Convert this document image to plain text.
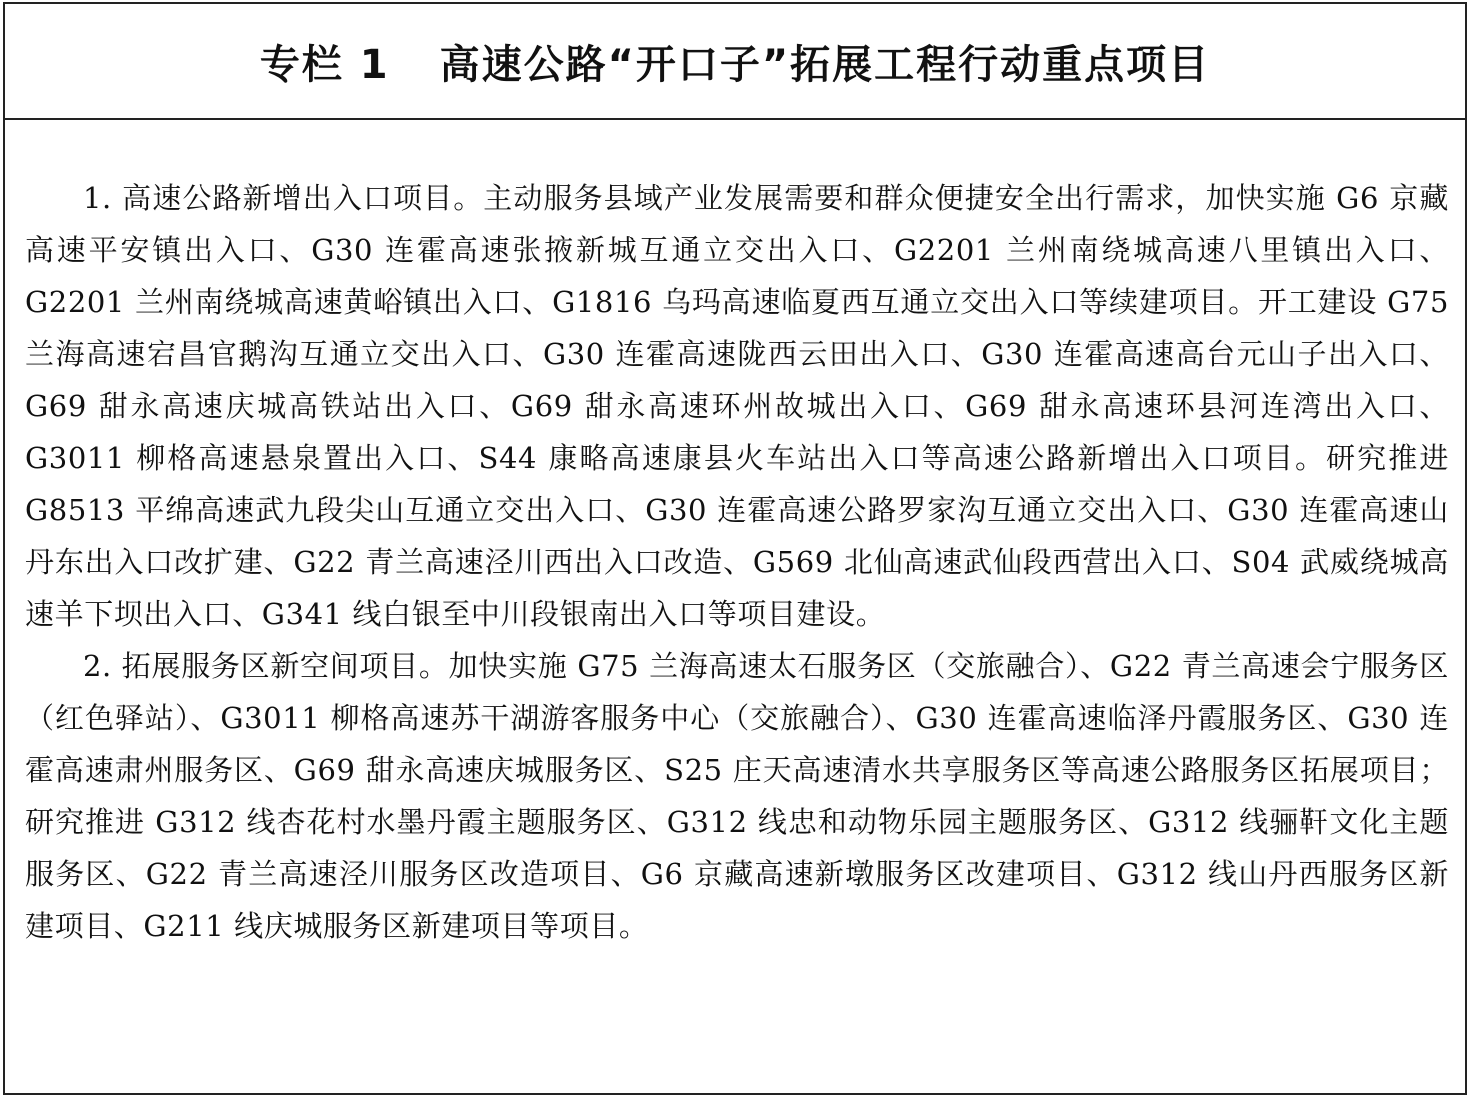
专栏 1 高速公路“开口子”拓展工程行动重点项目

1. 高速公路新增出入口项目。主动服务县域产业发展需要和群众便捷安全出行需求，加快实施 G6 京藏高速平安镇出入口、G30 连霍高速张掖新城互通立交出入口、G2201 兰州南绕城高速八里镇出入口、G2201 兰州南绕城高速黄峪镇出入口、G1816 乌玛高速临夏西互通立交出入口等续建项目。开工建设 G75 兰海高速宕昌官鹅沟互通立交出入口、G30 连霍高速陇西云田出入口、G30 连霍高速高台元山子出入口、G69 甜永高速庆城高铁站出入口、G69 甜永高速环州故城出入口、G69 甜永高速环县河连湾出入口、G3011 柳格高速悬泉置出入口、S44 康略高速康县火车站出入口等高速公路新增出入口项目。研究推进 G8513 平绵高速武九段尖山互通立交出入口、G30 连霍高速公路罗家沟互通立交出入口、G30 连霍高速山丹东出入口改扩建、G22 青兰高速泾川西出入口改造、G569 北仙高速武仙段西营出入口、S04 武威绕城高速羊下坝出入口、G341 线白银至中川段银南出入口等项目建设。

2. 拓展服务区新空间项目。加快实施 G75 兰海高速太石服务区（交旅融合）、G22 青兰高速会宁服务区（红色驿站）、G3011 柳格高速苏干湖游客服务中心（交旅融合）、G30 连霍高速临泽丹霞服务区、G30 连霍高速肃州服务区、G69 甜永高速庆城服务区、S25 庄天高速清水共享服务区等高速公路服务区拓展项目；研究推进 G312 线杏花村水墨丹霞主题服务区、G312 线忠和动物乐园主题服务区、G312 线骊靬文化主题服务区、G22 青兰高速泾川服务区改造项目、G6 京藏高速新墩服务区改建项目、G312 线山丹西服务区新建项目、G211 线庆城服务区新建项目等项目。
